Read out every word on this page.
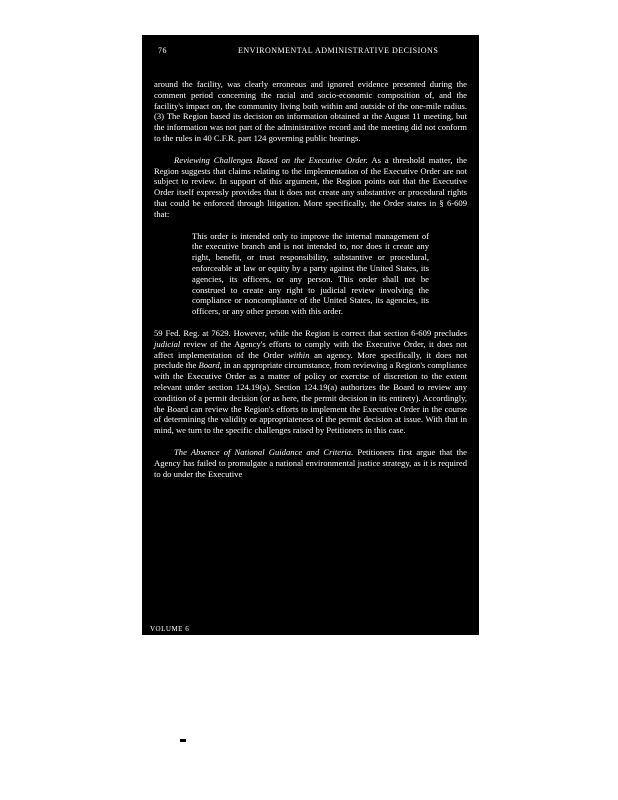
76	ENVIRONMENTAL ADMINISTRATIVE DECISIONS

around the facility, was clearly erroneous and ignored evidence presented during the comment period concerning the racial and socio-economic composition of, and the facility's impact on, the community living both within and outside of the one-mile radius. (3) The Region based its decision on information obtained at the August 11 meeting, but the information was not part of the administrative record and the meeting did not conform to the rules in 40 C.F.R. part 124 governing public hearings.

Reviewing Challenges Based on the Executive Order. As a threshold matter, the Region suggests that claims relating to the implementation of the Executive Order are not subject to review. In support of this argument, the Region points out that the Executive Order itself expressly provides that it does not create any substantive or procedural rights that could be enforced through litigation. More specifically, the Order states in § 6-609 that:

This order is intended only to improve the internal management of the executive branch and is not intended to, nor does it create any right, benefit, or trust responsibility, substantive or procedural, enforceable at law or equity by a party against the United States, its agencies, its officers, or any person. This order shall not be construed to create any right to judicial review involving the compliance or noncompliance of the United States, its agencies, its officers, or any other person with this order.

59 Fed. Reg. at 7629. However, while the Region is correct that section 6-609 precludes judicial review of the Agency's efforts to comply with the Executive Order, it does not affect implementation of the Order within an agency. More specifically, it does not preclude the Board, in an appropriate circumstance, from reviewing a Region's compliance with the Executive Order as a matter of policy or exercise of discretion to the extent relevant under section 124.19(a). Section 124.19(a) authorizes the Board to review any condition of a permit decision (or as here, the permit decision in its entirety). Accordingly, the Board can review the Region's efforts to implement the Executive Order in the course of determining the validity or appropriateness of the permit decision at issue. With that in mind, we turn to the specific challenges raised by Petitioners in this case.

The Absence of National Guidance and Criteria. Petitioners first argue that the Agency has failed to promulgate a national environmental justice strategy, as it is required to do under the Executive

VOLUME 6
